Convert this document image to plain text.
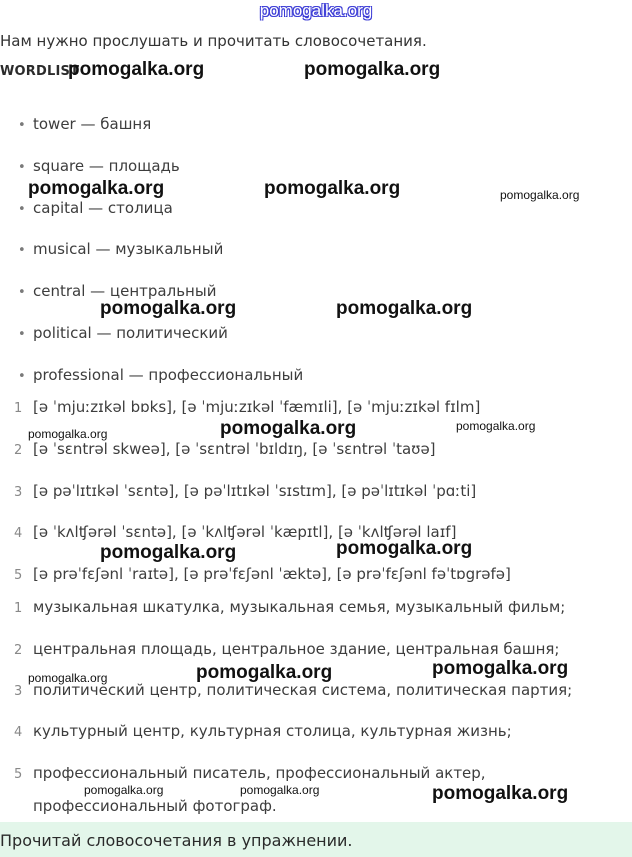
pomogalka.org
Нам нужно прослушать и прочитать словосочетания.
WORDLIST
• tower — башня
• square — площадь
• capital — столица
• musical — музыкальный
• central — центральный
• political — политический
• professional — профессиональный
1 [ə ˈmjuːzɪkəl bɒks], [ə ˈmjuːzɪkəl ˈfæmɪli], [ə ˈmjuːzɪkəl fɪlm]
2 [ə ˈsɛntrəl skweə], [ə ˈsɛntrəl ˈbɪldɪŋ, [ə ˈsɛntrəl ˈtaʊə]
3 [ə pəˈlɪtɪkəl ˈsɛntə], [ə pəˈlɪtɪkəl ˈsɪstɪm], [ə pəˈlɪtɪkəl ˈpɑːti]
4 [ə ˈkʌlʧərəl ˈsɛntə], [ə ˈkʌlʧərəl ˈkæpɪtl], [ə ˈkʌlʧərəl laɪf]
5 [ə prəˈfɛʃənl ˈraɪtə], [ə prəˈfɛʃənl ˈæktə], [ə prəˈfɛʃənl fəˈtɒgrəfə]
1 музыкальная шкатулка, музыкальная семья, музыкальный фильм;
2 центральная площадь, центральное здание, центральная башня;
3 политический центр, политическая система, политическая партия;
4 культурный центр, культурная столица, культурная жизнь;
5 профессиональный писатель, профессиональный актер,
профессиональный фотограф.
Прочитай словосочетания в упражнении.
pomogalka.org	pomogalka.org
pomogalka.org	pomogalka.org	pomogalka.org
pomogalka.org	pomogalka.org
pomogalka.org	pomogalka.org	pomogalka.org
pomogalka.org	pomogalka.org
pomogalka.org	pomogalka.org	pomogalka.org
pomogalka.org	pomogalka.org	pomogalka.org
